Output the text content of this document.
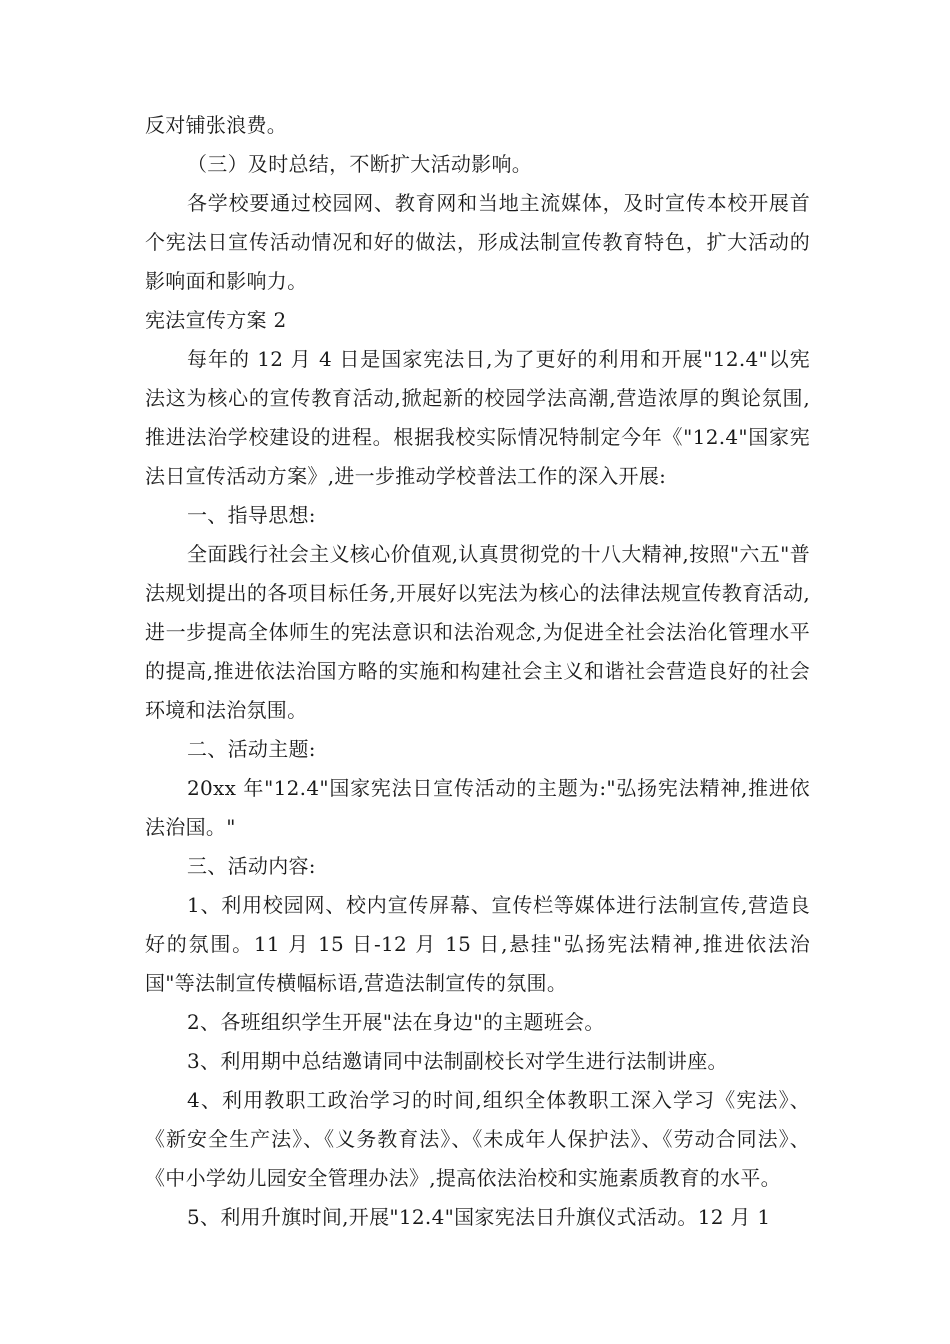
反对铺张浪费。

（三）及时总结，不断扩大活动影响。

各学校要通过校园网、教育网和当地主流媒体，及时宣传本校开展首个宪法日宣传活动情况和好的做法，形成法制宣传教育特色，扩大活动的影响面和影响力。

宪法宣传方案 2

每年的 12 月 4 日是国家宪法日,为了更好的利用和开展"12.4"以宪法这为核心的宣传教育活动,掀起新的校园学法高潮,营造浓厚的舆论氛围,推进法治学校建设的进程。根据我校实际情况特制定今年《"12.4"国家宪法日宣传活动方案》,进一步推动学校普法工作的深入开展:

一、指导思想:

全面践行社会主义核心价值观,认真贯彻党的十八大精神,按照"六五"普法规划提出的各项目标任务,开展好以宪法为核心的法律法规宣传教育活动,进一步提高全体师生的宪法意识和法治观念,为促进全社会法治化管理水平的提高,推进依法治国方略的实施和构建社会主义和谐社会营造良好的社会环境和法治氛围。

二、活动主题:

20xx 年"12.4"国家宪法日宣传活动的主题为:"弘扬宪法精神,推进依法治国。"

三、活动内容:

1、利用校园网、校内宣传屏幕、宣传栏等媒体进行法制宣传,营造良好的氛围。11 月 15 日-12 月 15 日,悬挂"弘扬宪法精神,推进依法治国"等法制宣传横幅标语,营造法制宣传的氛围。

2、各班组织学生开展"法在身边"的主题班会。

3、利用期中总结邀请同中法制副校长对学生进行法制讲座。

4、利用教职工政治学习的时间,组织全体教职工深入学习《宪法》、《新安全生产法》、《义务教育法》、《未成年人保护法》、《劳动合同法》、《中小学幼儿园安全管理办法》,提高依法治校和实施素质教育的水平。

5、利用升旗时间,开展"12.4"国家宪法日升旗仪式活动。12 月 1
